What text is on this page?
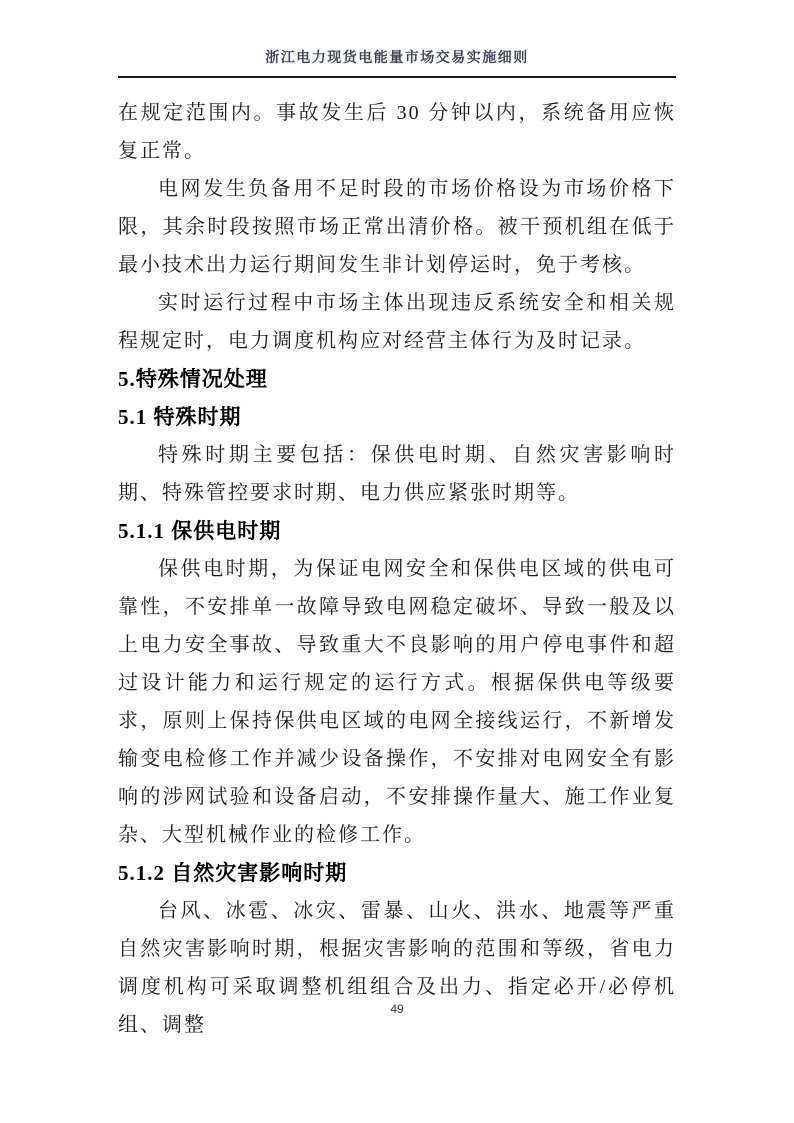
浙江电力现货电能量市场交易实施细则

在规定范围内。事故发生后 30 分钟以内，系统备用应恢复正常。

电网发生负备用不足时段的市场价格设为市场价格下限，其余时段按照市场正常出清价格。被干预机组在低于最小技术出力运行期间发生非计划停运时，免于考核。

实时运行过程中市场主体出现违反系统安全和相关规程规定时，电力调度机构应对经营主体行为及时记录。

5.特殊情况处理
5.1 特殊时期

特殊时期主要包括：保供电时期、自然灾害影响时期、特殊管控要求时期、电力供应紧张时期等。

5.1.1 保供电时期

保供电时期，为保证电网安全和保供电区域的供电可靠性，不安排单一故障导致电网稳定破坏、导致一般及以上电力安全事故、导致重大不良影响的用户停电事件和超过设计能力和运行规定的运行方式。根据保供电等级要求，原则上保持保供电区域的电网全接线运行，不新增发输变电检修工作并减少设备操作，不安排对电网安全有影响的涉网试验和设备启动，不安排操作量大、施工作业复杂、大型机械作业的检修工作。

5.1.2 自然灾害影响时期

台风、冰雹、冰灾、雷暴、山火、洪水、地震等严重自然灾害影响时期，根据灾害影响的范围和等级，省电力调度机构可采取调整机组组合及出力、指定必开/必停机组、调整

49
